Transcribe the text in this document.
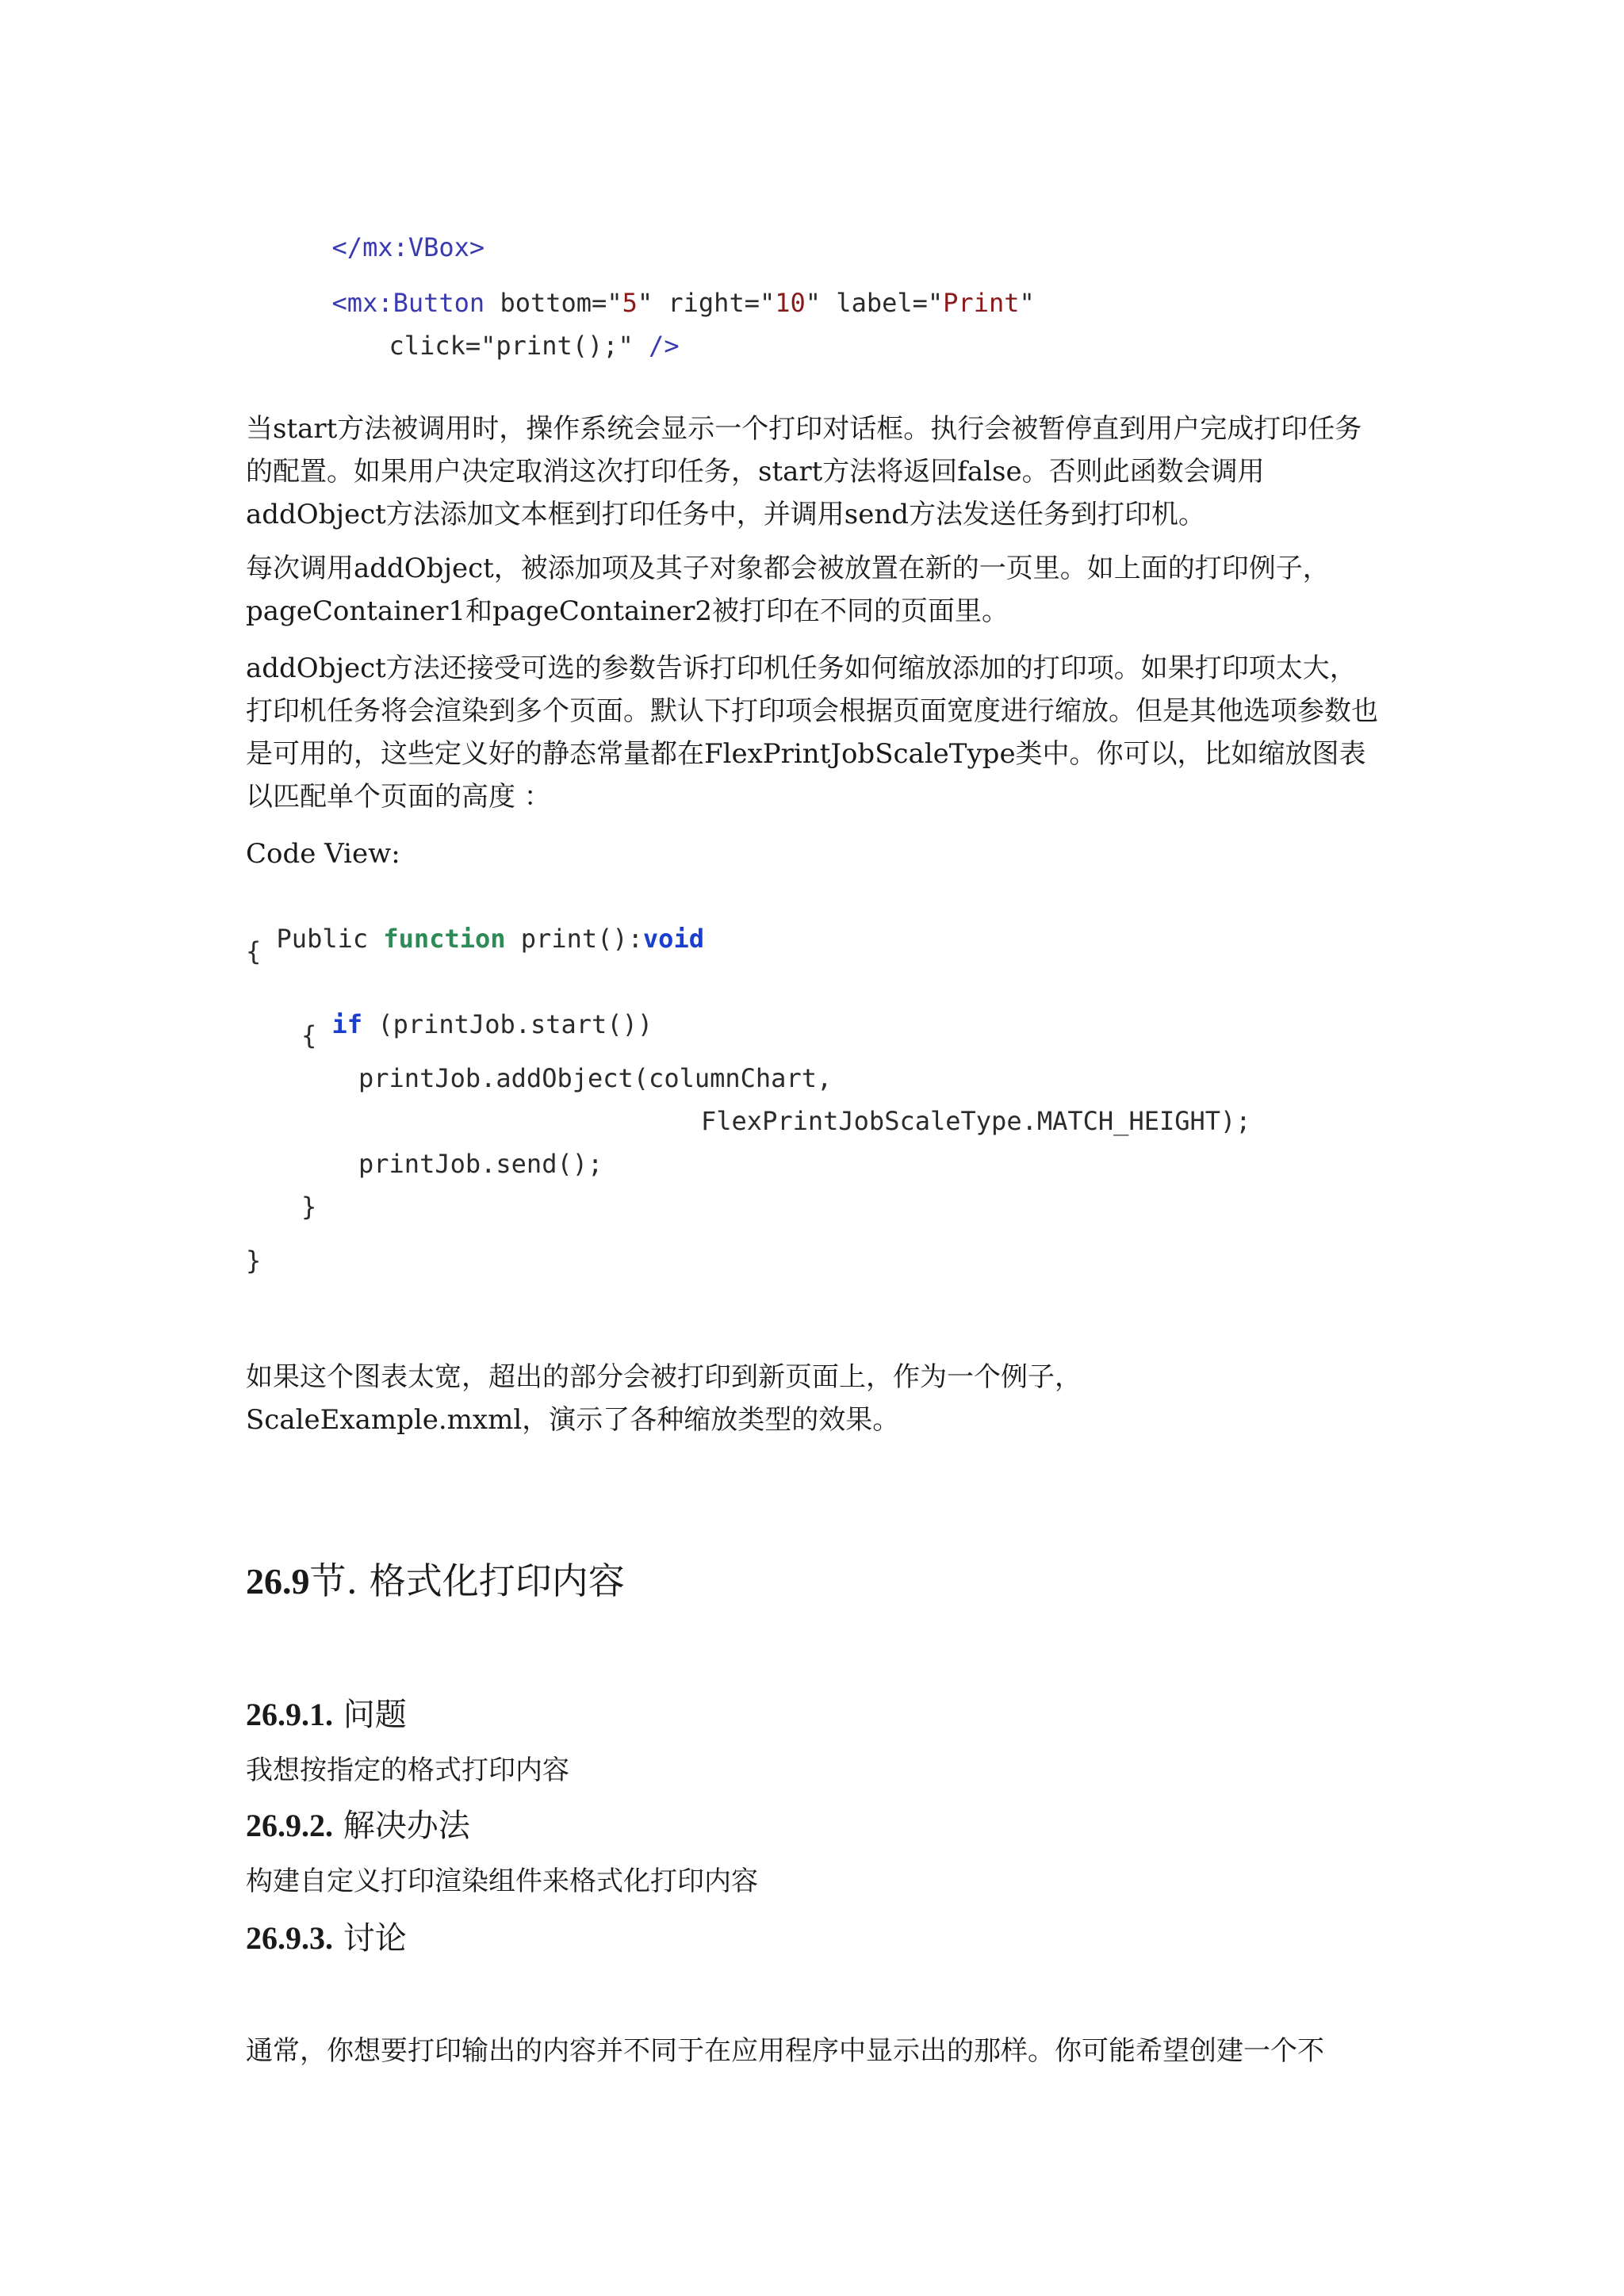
</mx:VBox>

<mx:Button bottom="5" right="10" label="Print"

click="print();" />

当start方法被调用时，操作系统会显示一个打印对话框。执行会被暂停直到用户完成打印任务的配置。如果用户决定取消这次打印任务，start方法将返回false。否则此函数会调用addObject方法添加文本框到打印任务中，并调用send方法发送任务到打印机。
每次调用addObject，被添加项及其子对象都会被放置在新的一页里。如上面的打印例子，pageContainer1和pageContainer2被打印在不同的页面里。
addObject方法还接受可选的参数告诉打印机任务如何缩放添加的打印项。如果打印项太大，打印机任务将会渲染到多个页面。默认下打印项会根据页面宽度进行缩放。但是其他选项参数也是可用的，这些定义好的静态常量都在FlexPrintJobScaleType类中。你可以，比如缩放图表以匹配单个页面的高度 ：
Code View:

Public function print():void

{

if (printJob.start())

{
printJob.addObject(columnChart,
FlexPrintJobScaleType.MATCH_HEIGHT);
printJob.send();
}
}
如果这个图表太宽，超出的部分会被打印到新页面上，作为一个例子，ScaleExample.mxml，演示了各种缩放类型的效果。
26.9节. 格式化打印内容
26.9.1. 问题
我想按指定的格式打印内容
26.9.2. 解决办法
构建自定义打印渲染组件来格式化打印内容
26.9.3. 讨论
通常，你想要打印输出的内容并不同于在应用程序中显示出的那样。你可能希望创建一个不
